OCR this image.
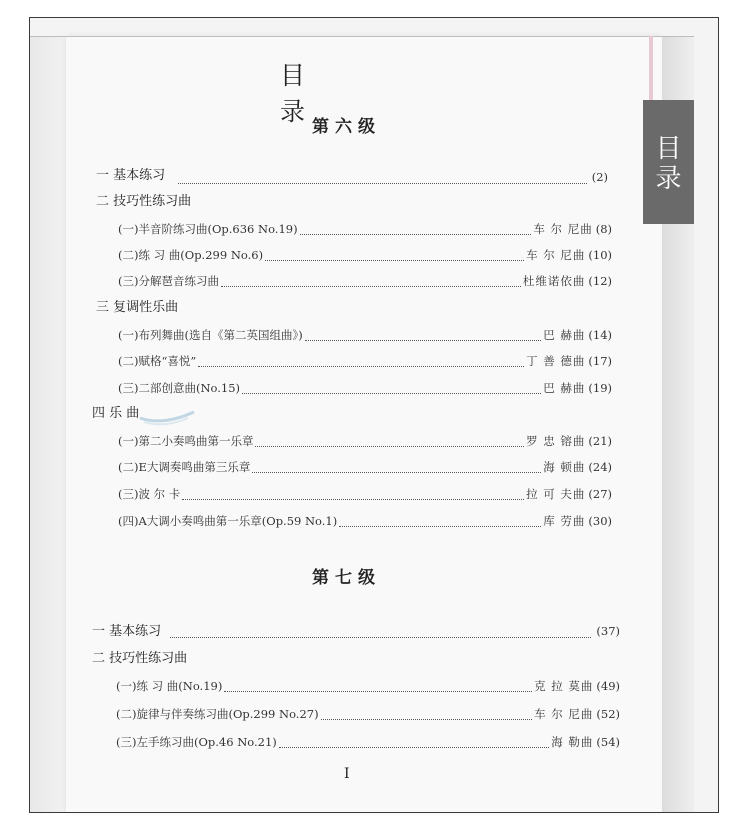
目
录
目录
第六级
一 基本练习	(2)
二 技巧性练习曲
(一)半音阶练习曲(Op.636 No.19)	车 尔 尼曲 (8)
(二)练 习 曲(Op.299 No.6)	车 尔 尼曲 (10)
(三)分解琶音练习曲	杜维诺依曲 (12)
三 复调性乐曲
(一)布列舞曲(选自《第二英国组曲》)	巴 赫曲 (14)
(二)赋格“喜悦”	丁 善 德曲 (17)
(三)二部创意曲(No.15)	巴 赫曲 (19)
四 乐 曲
(一)第二小奏鸣曲第一乐章	罗 忠 镕曲 (21)
(二)E大调奏鸣曲第三乐章	海 顿曲 (24)
(三)波 尔 卡	拉 可 夫曲 (27)
(四)A大调小奏鸣曲第一乐章(Op.59 No.1)	库 劳曲 (30)
第七级
一 基本练习	(37)
二 技巧性练习曲
(一)练 习 曲(No.19)	克 拉 莫曲 (49)
(二)旋律与伴奏练习曲(Op.299 No.27)	车 尔 尼曲 (52)
(三)左手练习曲(Op.46 No.21)	海 勒曲 (54)
I
